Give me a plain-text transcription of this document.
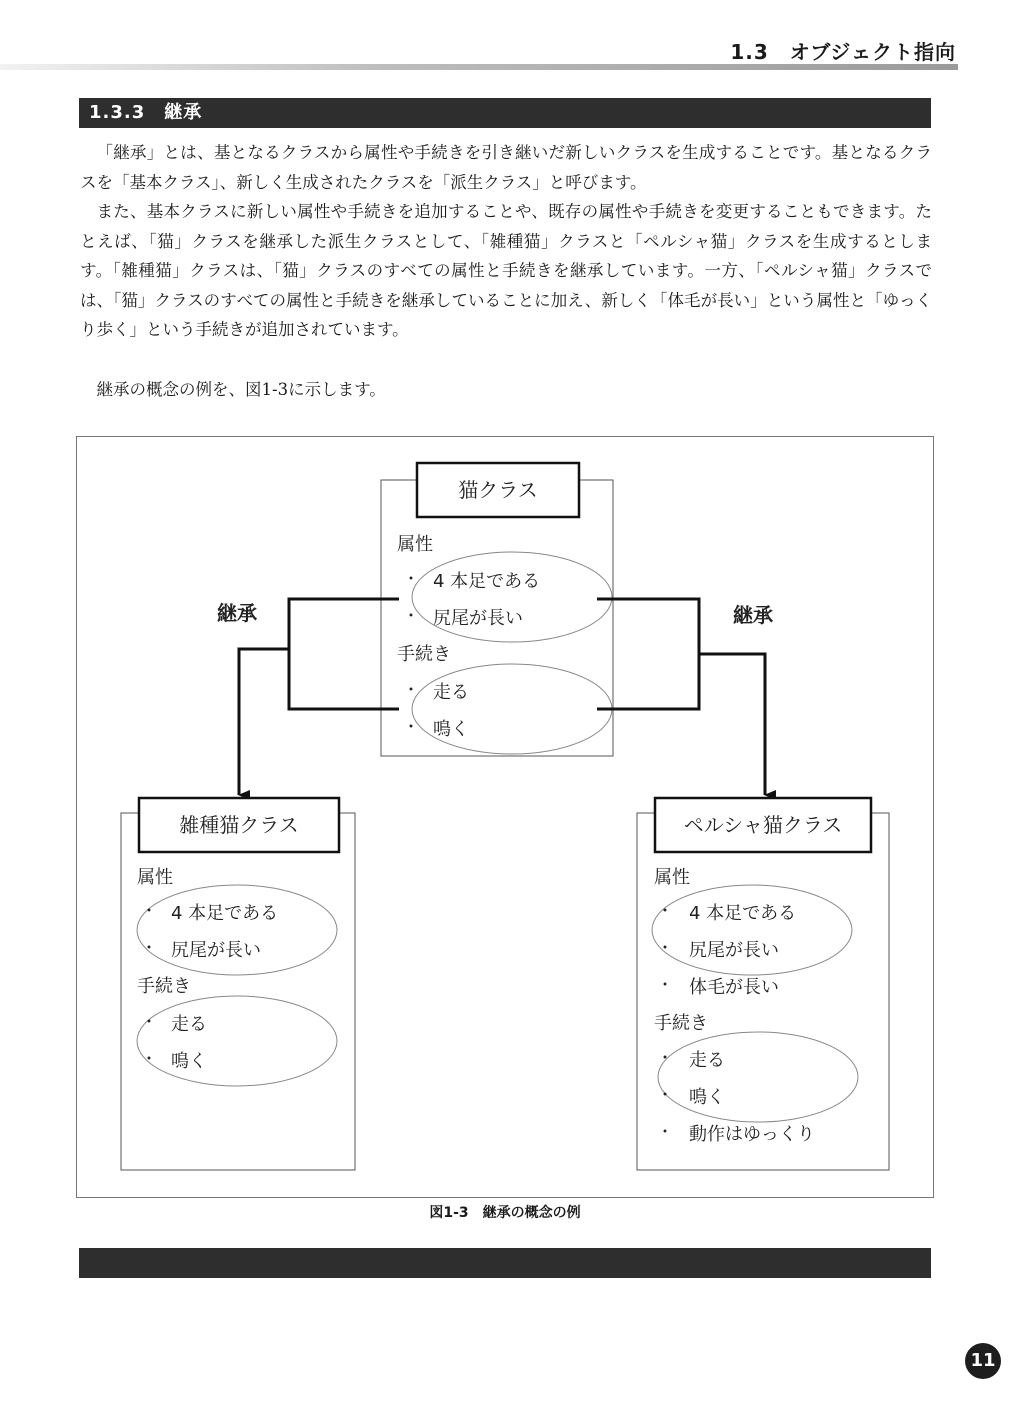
1.3　オブジェクト指向
1.3.3　継承

「継承」とは、基となるクラスから属性や手続きを引き継いだ新しいクラスを生成することです。基となるクラスを「基本クラス」、新しく生成されたクラスを「派生クラス」と呼びます。

また、基本クラスに新しい属性や手続きを追加することや、既存の属性や手続きを変更することもできます。たとえば、「猫」クラスを継承した派生クラスとして、「雑種猫」クラスと「ペルシャ猫」クラスを生成するとします。「雑種猫」クラスは、「猫」クラスのすべての属性と手続きを継承しています。一方、「ペルシャ猫」クラスでは、「猫」クラスのすべての属性と手続きを継承していることに加え、新しく「体毛が長い」という属性と「ゆっくり歩く」という手続きが追加されています。

継承の概念の例を、図1-3に示します。

猫クラス
属性
・ 4 本足である
・ 尻尾が長い
手続き
・ 走る
・ 鳴く
継承	継承
雑種猫クラス
属性
・ 4 本足である
・ 尻尾が長い
手続き
・ 走る
・ 鳴く
ペルシャ猫クラス
属性
・ 4 本足である
・ 尻尾が長い
・ 体毛が長い
手続き
・ 走る
・ 鳴く
・ 動作はゆっくり
図1-3　継承の概念の例
11
